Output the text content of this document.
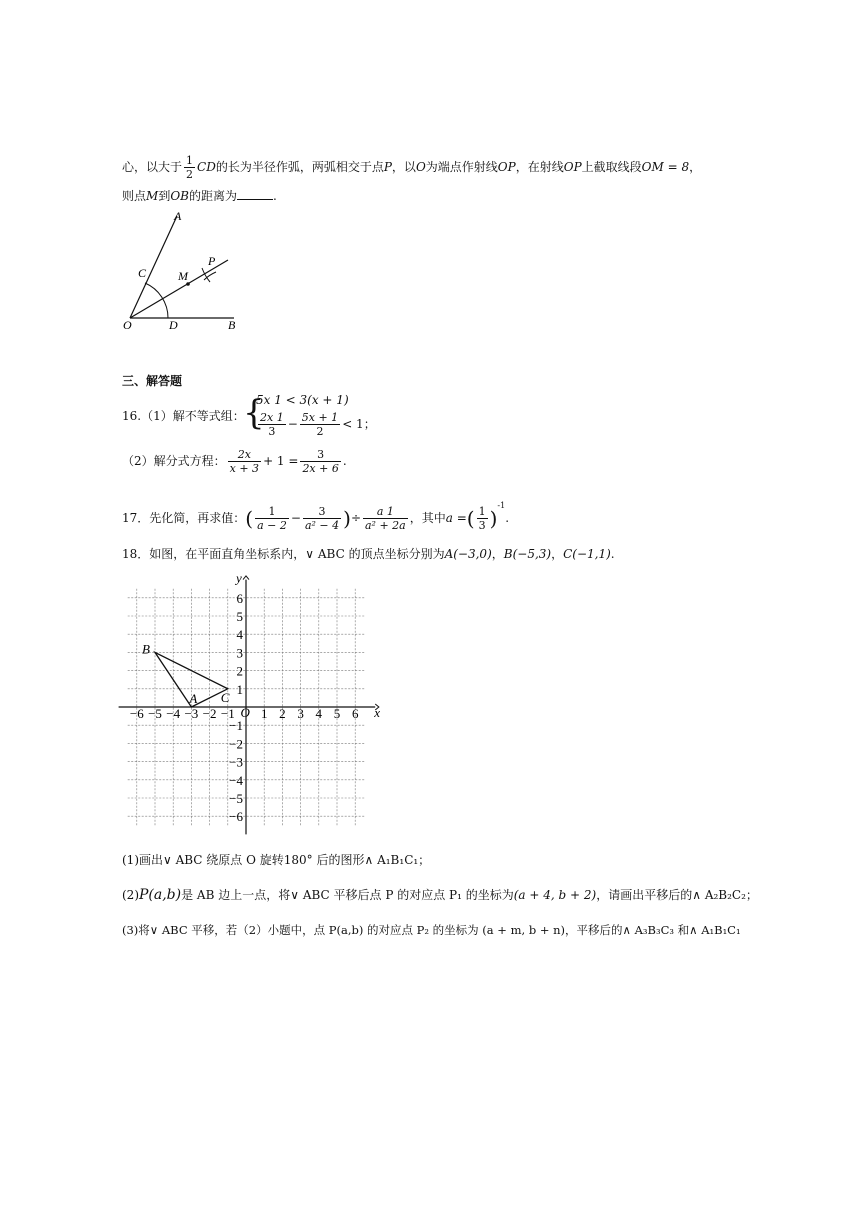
心，以大于 $\frac{1}{2}$ CD的长为半径作弧，两弧相交于点P，以O为端点作射线OP，在射线OP上截取线段OM = 8，
则点M到OB的距离为	.
A
C	M
P
O	D	B
三、解答题
16.（1）解不等式组：
{
5x 1 < 3(x + 1)
$\frac{2x 1}{3} - \frac{5x + 1}{2} < 1$；
（2）解分式方程： $\frac{2x}{x + 3} + 1 = \frac{3}{2x + 6}$ .
17．先化简，再求值：( $\frac{1}{a - 2} - \frac{3}{\text{a² − 4}}$ )÷ $\frac{a 1}{\text{a² + 2a}}$ ，其中a =( $\frac{1}{3} )^{-1}$.
18．如图，在平面直角坐标系内，∨ ABC 的顶点坐标分别为A(−3,0)，B(−5,3)，C(−1,1).
x
y
O
−6 −5 −4 −3 −2 −1 1 2 3 4 5 6
6
5
4
3
2
1
−1
−2
−3
−4
−5
−6
A
B
C
(1)画出∨ ABC 绕原点 O 旋转180° 后的图形∧ A₁B₁C₁；
(2)P(a,b)是 AB 边上一点，将∨ ABC 平移后点 P 的对应点 P₁ 的坐标为(a + 4, b + 2)，请画出平移后的∧ A₂B₂C₂；
(3)将∨ ABC 平移，若（2）小题中，点 P(a,b) 的对应点 P₂ 的坐标为 (a + m, b + n)，平移后的∧ A₃B₃C₃ 和∧ A₁B₁C₁
